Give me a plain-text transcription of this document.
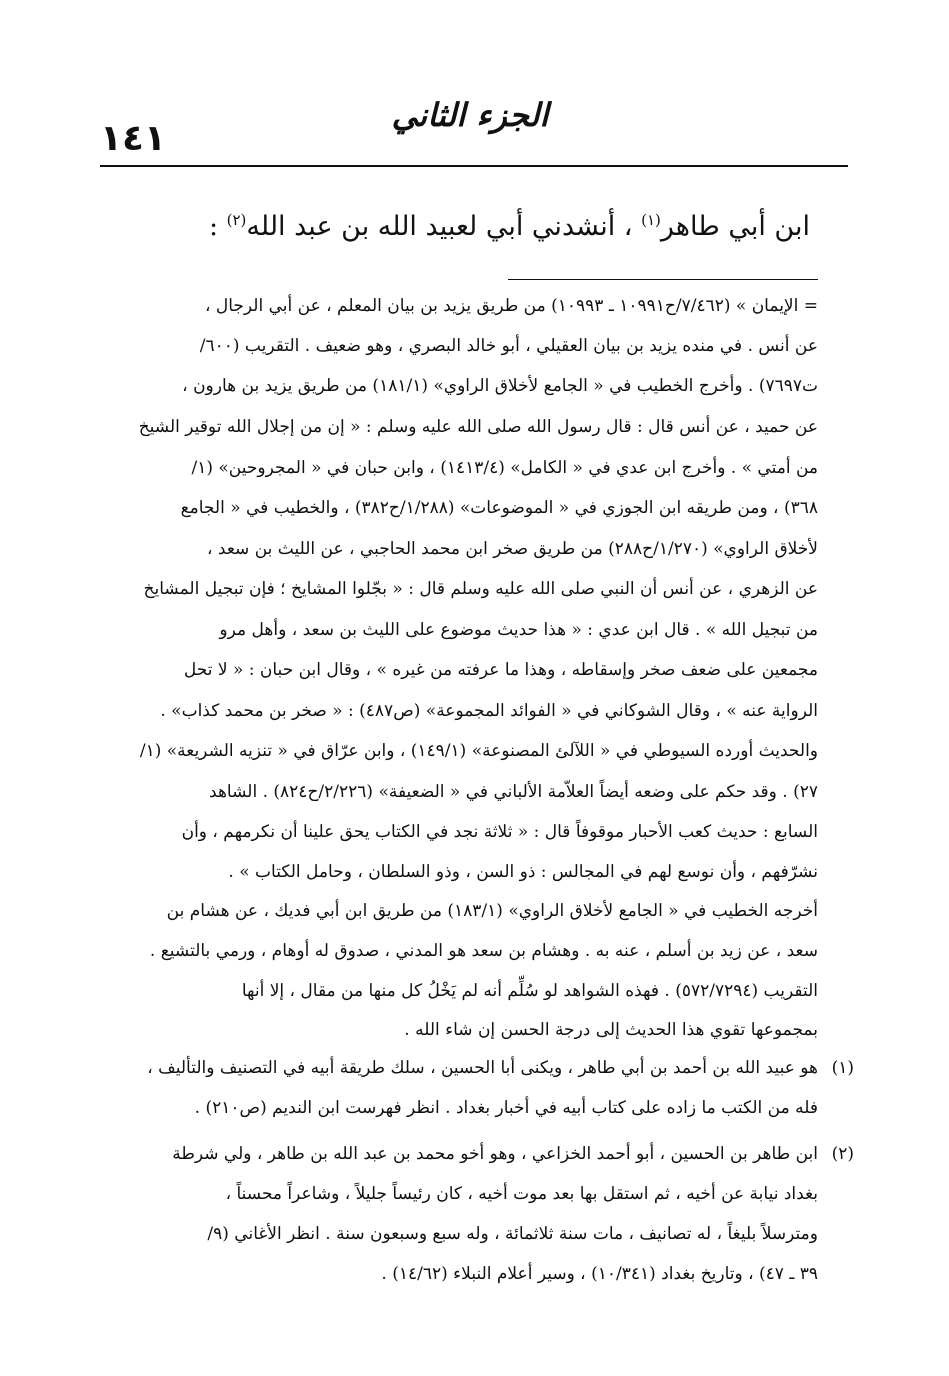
١٤١
الجزء الثاني
ابن أبي طاهر$^{(١)}$ ، أنشدني أبي لعبيد الله بن عبد الله$^{(٢)}$ :
= الإيمان » (٧/٤٦٢/ح١٠٩٩١ ـ ١٠٩٩٣) من طريق يزيد بن بيان المعلم ، عن أبي الرجال ،
عن أنس . في منده يزيد بن بيان العقيلي ، أبو خالد البصري ، وهو ضعيف . التقريب (٦٠٠/
ت٧٦٩٧) . وأخرج الخطيب في « الجامع لأخلاق الراوي» (١٨١/١) من طريق يزيد بن هارون ،
عن حميد ، عن أنس قال : قال رسول الله صلى الله عليه وسلم : « إن من إجلال الله توقير الشيخ
من أمتي » . وأخرج ابن عدي في « الكامل» (١٤١٣/٤) ، وابن حبان في « المجروحين» (١/
٣٦٨) ، ومن طريقه ابن الجوزي في « الموضوعات» (١/٢٨٨/ح٣٨٢) ، والخطيب في « الجامع
لأخلاق الراوي» (١/٢٧٠/ح٢٨٨) من طريق صخر ابن محمد الحاجبي ، عن الليث بن سعد ،
عن الزهري ، عن أنس أن النبي صلى الله عليه وسلم قال : « بجّلوا المشايخ ؛ فإن تبجيل المشايخ
من تبجيل الله » . قال ابن عدي : « هذا حديث موضوع على الليث بن سعد ، وأهل مرو
مجمعين على ضعف صخر وإسقاطه ، وهذا ما عرفته من غيره » ، وقال ابن حبان : « لا تحل
الرواية عنه » ، وقال الشوكاني في « الفوائد المجموعة» (ص٤٨٧) : « صخر بن محمد كذاب» .
والحديث أورده السيوطي في « اللآلئ المصنوعة» (١٤٩/١) ، وابن عرّاق في « تنزيه الشريعة» (١/
٢٧) . وقد حكم على وضعه أيضاً العلاّمة الألباني في « الضعيفة» (٢/٢٢٦/ح٨٢٤) . الشاهد
السابع : حديث كعب الأحبار موقوفاً قال : « ثلاثة نجد في الكتاب يحق علينا أن نكرمهم ، وأن
نشرّفهم ، وأن نوسع لهم في المجالس : ذو السن ، وذو السلطان ، وحامل الكتاب » .
أخرجه الخطيب في « الجامع لأخلاق الراوي» (١٨٣/١) من طريق ابن أبي فديك ، عن هشام بن
سعد ، عن زيد بن أسلم ، عنه به . وهشام بن سعد هو المدني ، صدوق له أوهام ، ورمي بالتشيع .
التقريب (٥٧٢/٧٢٩٤) . فهذه الشواهد لو سُلِّم أنه لم يَخْلُ كل منها من مقال ، إلا أنها
بمجموعها تقوي هذا الحديث إلى درجة الحسن إن شاء الله .
(١)
هو عبيد الله بن أحمد بن أبي طاهر ، ويكنى أبا الحسين ، سلك طريقة أبيه في التصنيف والتأليف ،
فله من الكتب ما زاده على كتاب أبيه في أخبار بغداد . انظر فهرست ابن النديم (ص٢١٠) .
(٢)
ابن طاهر بن الحسين ، أبو أحمد الخزاعي ، وهو أخو محمد بن عبد الله بن طاهر ، ولي شرطة
بغداد نيابة عن أخيه ، ثم استقل بها بعد موت أخيه ، كان رئيساً جليلاً ، وشاعراً محسناً ،
ومترسلاً بليغاً ، له تصانيف ، مات سنة ثلاثمائة ، وله سبع وسبعون سنة . انظر الأغاني (٩/
٣٩ ـ ٤٧) ، وتاريخ بغداد (١٠/٣٤١) ، وسير أعلام النبلاء (١٤/٦٢) .
